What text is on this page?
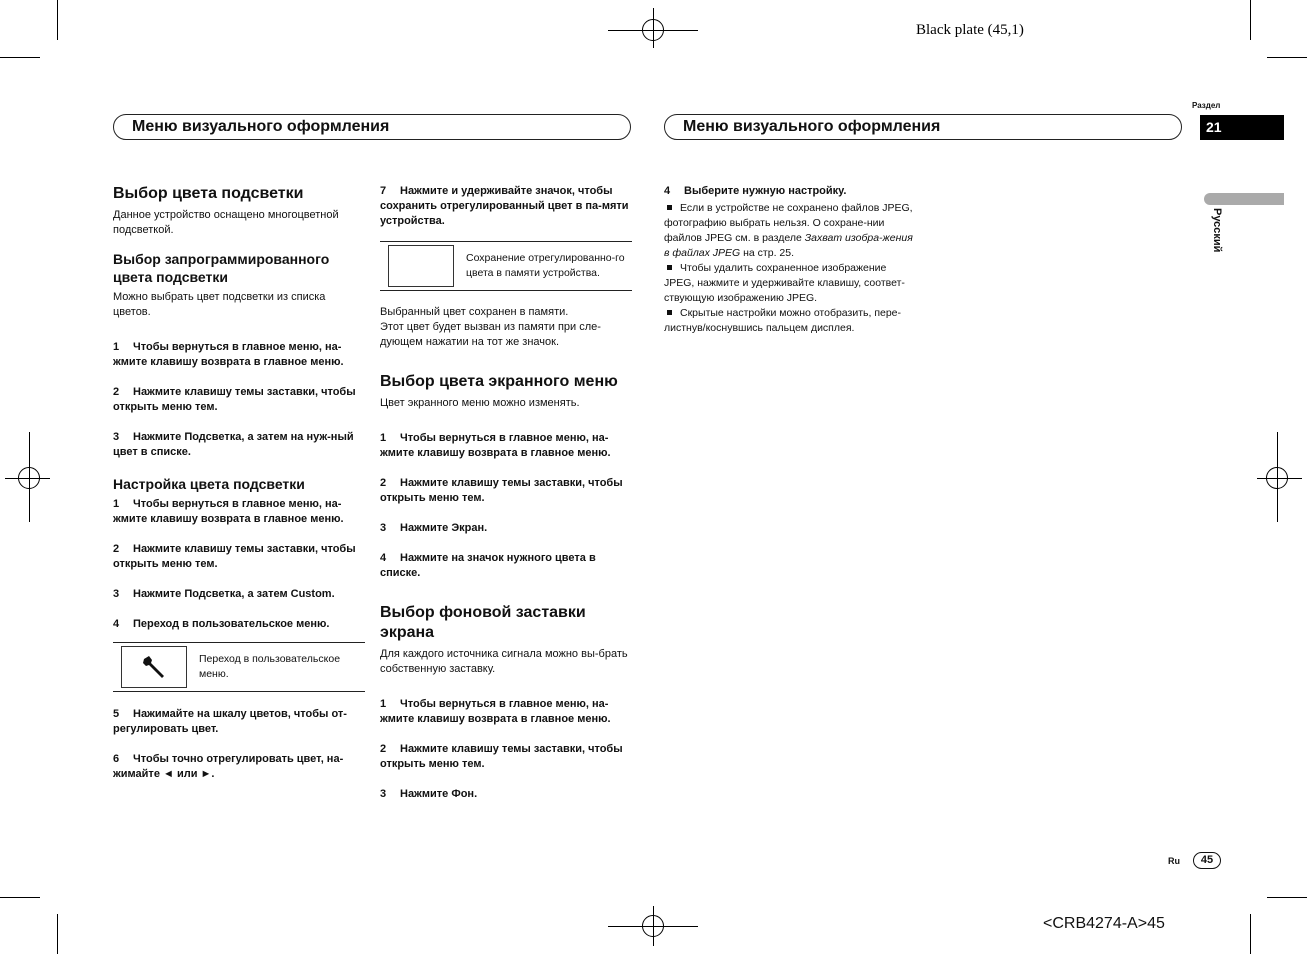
Black plate (45,1)
Меню визуального оформления	Меню визуального оформления
Раздел
21
Русский
Выбор цвета подсветки

Данное устройство оснащено многоцветной подсветкой.

Выбор запрограммированного цвета подсветки

Можно выбрать цвет подсветки из списка цветов.

1 Чтобы вернуться в главное меню, на-жмите клавишу возврата в главное меню.
2 Нажмите клавишу темы заставки, чтобы открыть меню тем.
3 Нажмите Подсветка, а затем на нуж-ный цвет в списке.
Настройка цвета подсветки
1 Чтобы вернуться в главное меню, на-жмите клавишу возврата в главное меню.
2 Нажмите клавишу темы заставки, чтобы открыть меню тем.
3 Нажмите Подсветка, а затем Custom.
4 Переход в пользовательское меню.
Переход в пользовательское меню.
5 Нажимайте на шкалу цветов, чтобы от-регулировать цвет.
6 Чтобы точно отрегулировать цвет, на-жимайте ◄ или ►.
7 Нажмите и удерживайте значок, чтобы сохранить отрегулированный цвет в па-мяти устройства.
Сохранение отрегулированно-го цвета в памяти устройства.
Выбранный цвет сохранен в памяти.

Этот цвет будет вызван из памяти при сле-дующем нажатии на тот же значок.

Выбор цвета экранного меню

Цвет экранного меню можно изменять.

1 Чтобы вернуться в главное меню, на-жмите клавишу возврата в главное меню.
2 Нажмите клавишу темы заставки, чтобы открыть меню тем.
3 Нажмите Экран.
4 Нажмите на значок нужного цвета в списке.
Выбор фоновой заставки экрана

Для каждого источника сигнала можно вы-брать собственную заставку.

1 Чтобы вернуться в главное меню, на-жмите клавишу возврата в главное меню.
2 Нажмите клавишу темы заставки, чтобы открыть меню тем.
3 Нажмите Фон.
4 Выберите нужную настройку.
Если в устройстве не сохранено файлов JPEG, фотографию выбрать нельзя. О сохране-нии файлов JPEG см. в разделе Захват изобра-жения в файлах JPEG на стр. 25.
Чтобы удалить сохраненное изображение JPEG, нажмите и удерживайте клавишу, соответ-ствующую изображению JPEG.
Скрытые настройки можно отобразить, пере-листнув/коснувшись пальцем дисплея.
Ru	45
<CRB4274-A>45
